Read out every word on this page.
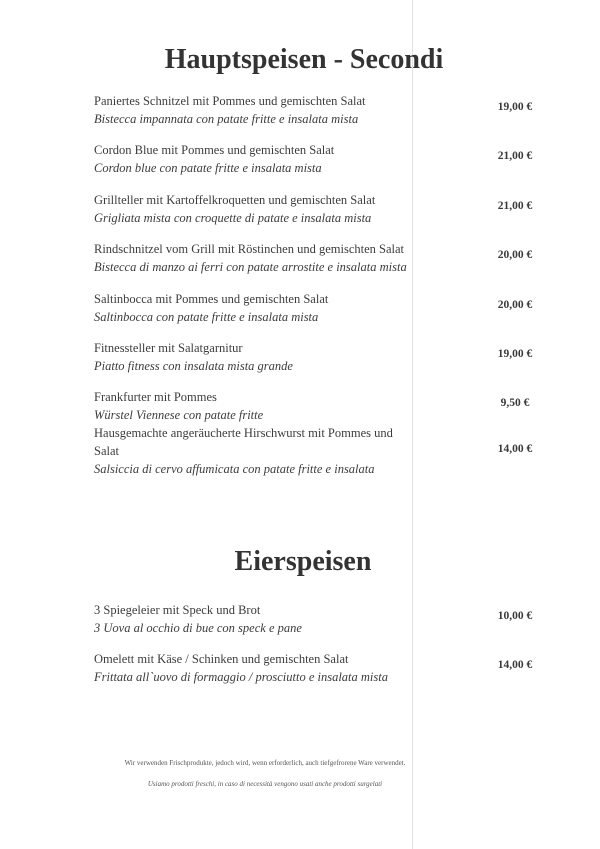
Hauptspeisen - Secondi

Paniertes Schnitzel mit Pommes und gemischten Salat

Bistecca impannata con patate fritte e insalata mista

19,00 €

Cordon Blue mit Pommes und gemischten Salat

Cordon blue con patate fritte e insalata mista

21,00 €

Grillteller mit Kartoffelkroquetten und gemischten Salat

Grigliata mista con croquette di patate e insalata mista

21,00 €

Rindschnitzel vom Grill mit Röstinchen und gemischten Salat

Bistecca di manzo ai ferri con patate arrostite e insalata mista

20,00 €

Saltinbocca mit Pommes und gemischten Salat

Saltinbocca con patate fritte e insalata mista

20,00 €

Fitnessteller mit Salatgarnitur

Piatto fitness con insalata mista grande

19,00 €

Frankfurter mit Pommes

Würstel Viennese con patate fritte

9,50 €

Hausgemachte angeräucherte Hirschwurst mit Pommes und Salat

Salsiccia di cervo affumicata con patate fritte e insalata

14,00 €
Eierspeisen

3 Spiegeleier mit Speck und Brot

3 Uova al occhio di bue con speck e pane

10,00 €

Omelett mit Käse / Schinken und gemischten Salat

Frittata all`uovo di formaggio / prosciutto e insalata mista

14,00 €

Wir verwenden Frischprodukte, jedoch wird, wenn erforderlich, auch tiefgefrorene Ware verwendet.

Usiamo prodotti freschi, in caso di necessità vengono usati anche prodotti surgelati
